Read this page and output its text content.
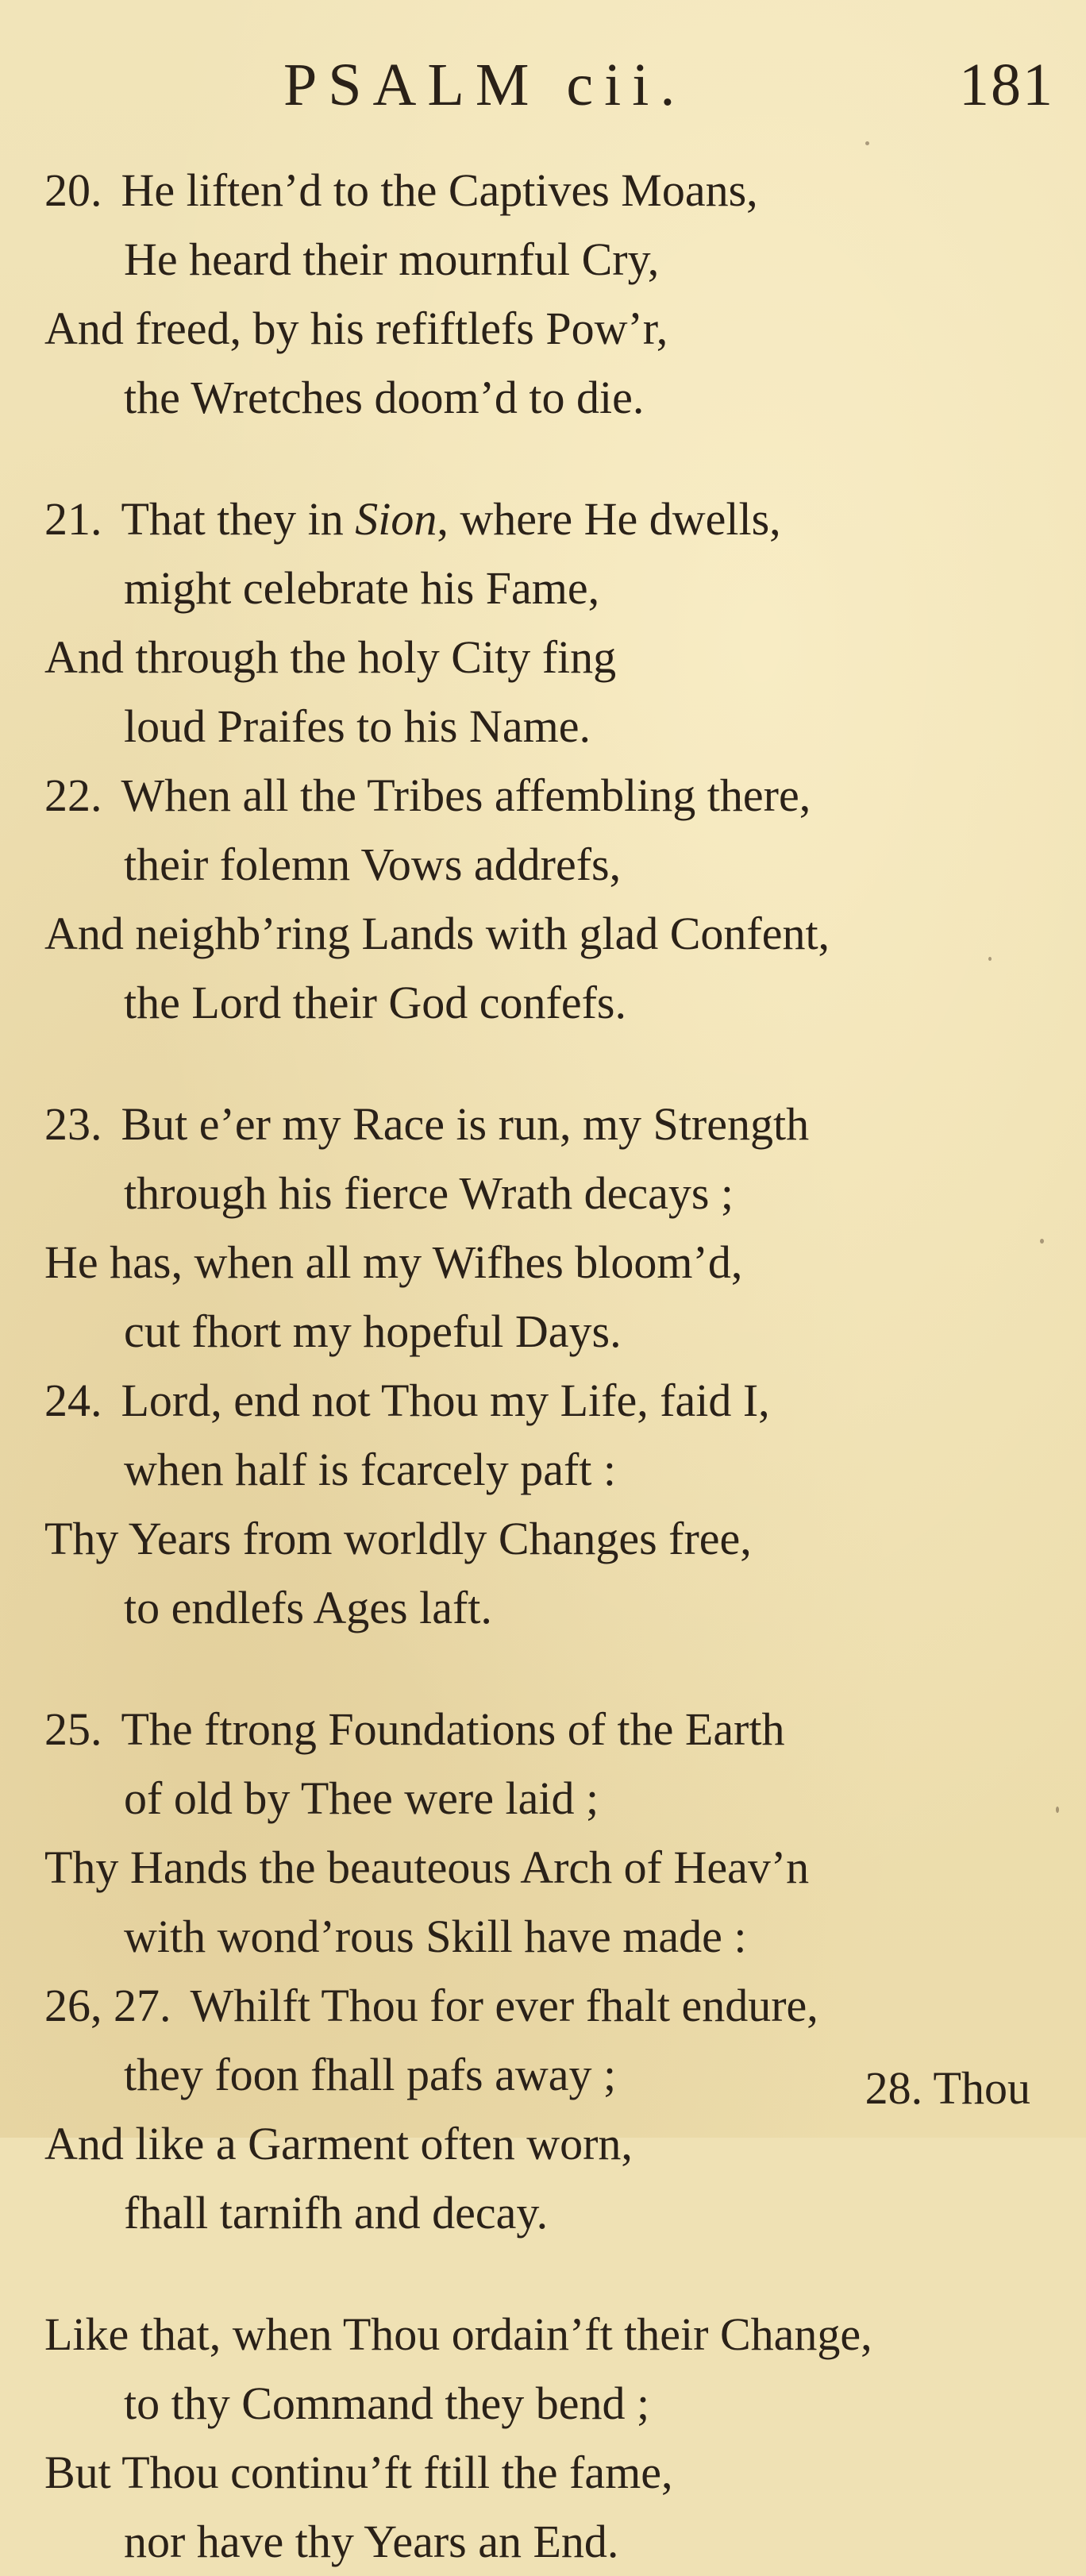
PSALM cii.	181
20. He liften’d to the Captives Moans,
He heard their mournful Cry,
And freed, by his refiftlefs Pow’r,
the Wretches doom’d to die.
21. That they in Sion, where He dwells,
might celebrate his Fame,
And through the holy City fing
loud Praifes to his Name.
22. When all the Tribes affembling there,
their folemn Vows addrefs,
And neighb’ring Lands with glad Confent,
the Lord their God confefs.
23. But e’er my Race is run, my Strength
through his fierce Wrath decays ;
He has, when all my Wifhes bloom’d,
cut fhort my hopeful Days.
24. Lord, end not Thou my Life, faid I,
when half is fcarcely paft :
Thy Years from worldly Changes free,
to endlefs Ages laft.
25. The ftrong Foundations of the Earth
of old by Thee were laid ;
Thy Hands the beauteous Arch of Heav’n
with wond’rous Skill have made :
26, 27. Whilft Thou for ever fhalt endure,
they foon fhall pafs away ;
And like a Garment often worn,
fhall tarnifh and decay.
Like that, when Thou ordain’ft their Change,
to thy Command they bend ;
But Thou continu’ft ftill the fame,
nor have thy Years an End.
28. Thou
